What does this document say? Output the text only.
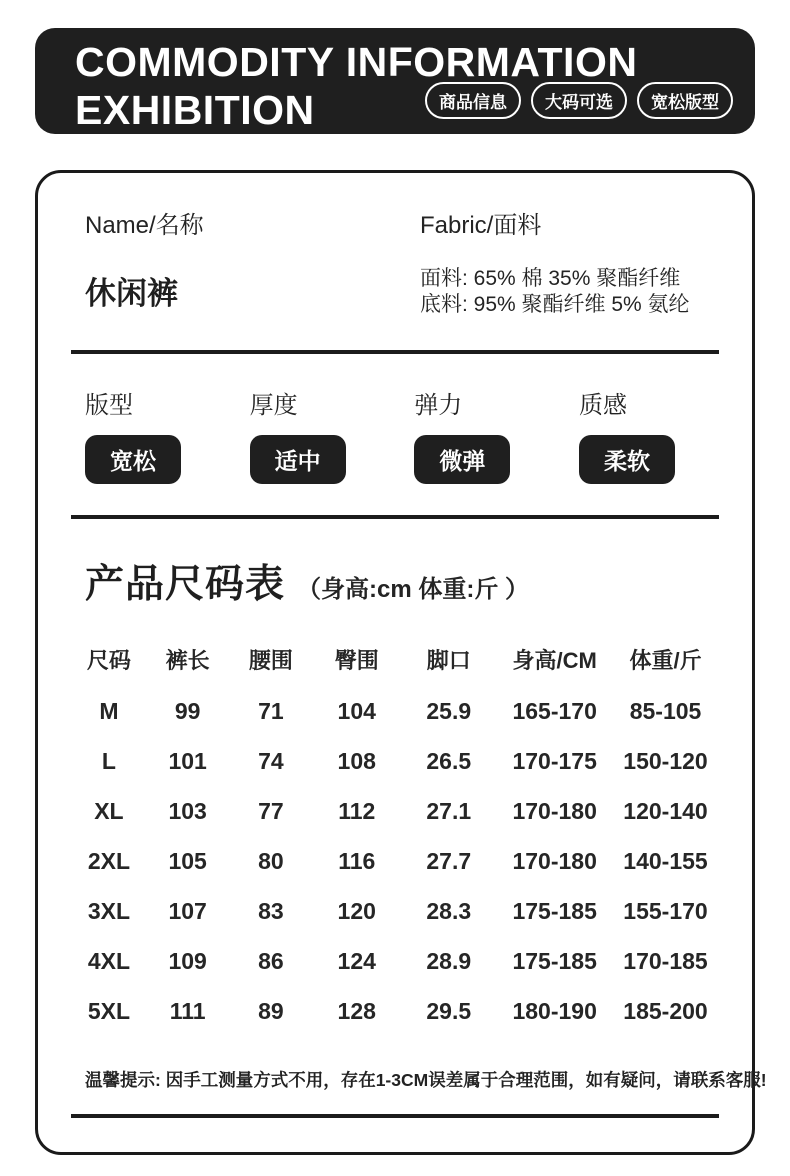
COMMODITY INFORMATION
EXHIBITION	商品信息	大码可选	宽松版型
Name/名称
休闲裤
Fabric/面料
面料: 65% 棉 35% 聚酯纤维
底料: 95% 聚酯纤维 5% 氨纶
版型
宽松
厚度
适中
弹力
微弹
质感
柔软
产品尺码表 （身高:cm 体重:斤 ）
尺码	裤长	腰围	臀围	脚口	身高/CM	体重/斤
M	99	71	104	25.9	165-170	85-105
L	101	74	108	26.5	170-175	150-120
XL	103	77	112	27.1	170-180	120-140
2XL	105	80	116	27.7	170-180	140-155
3XL	107	83	120	28.3	175-185	155-170
4XL	109	86	124	28.9	175-185	170-185
5XL	111	89	128	29.5	180-190	185-200
温馨提示: 因手工测量方式不用，存在1-3CM误差属于合理范围，如有疑问，请联系客服!
